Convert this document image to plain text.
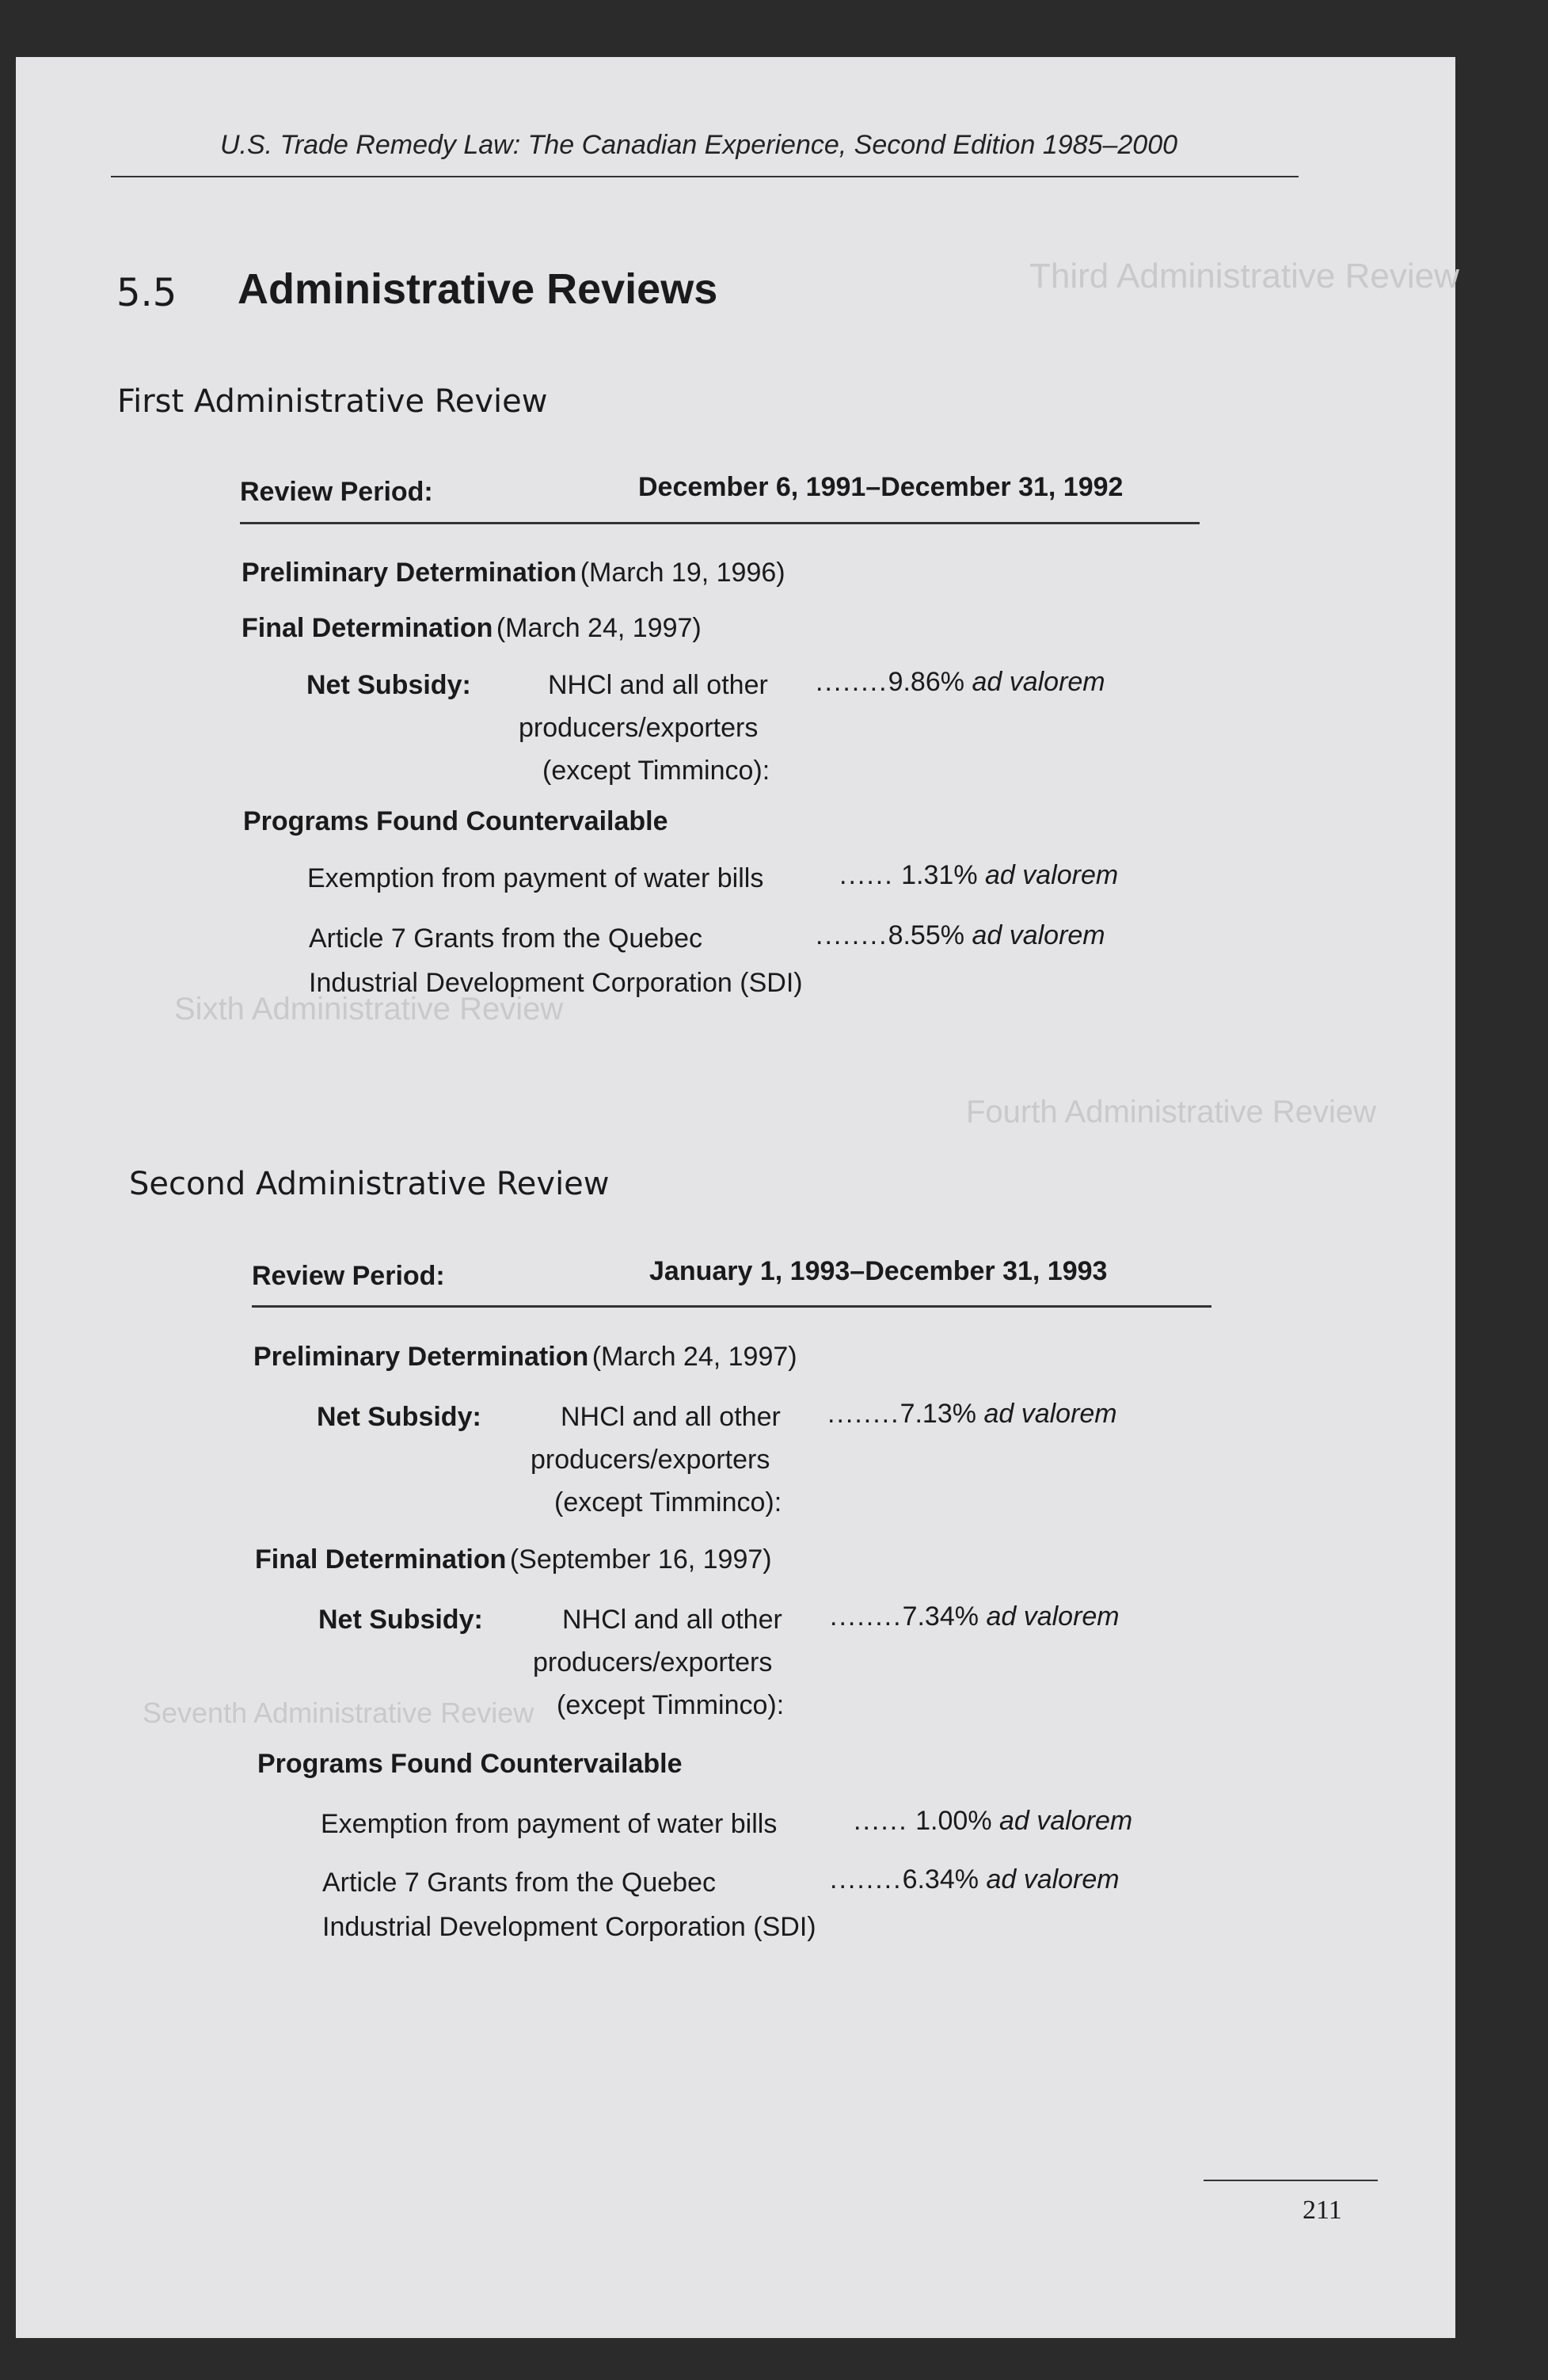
U.S. Trade Remedy Law: The Canadian Experience, Second Edition 1985–2000
Third Administrative Review
Sixth Administrative Review
Fourth Administrative Review
Seventh Administrative Review
5.5 Administrative Reviews
First Administrative Review
Review Period:	December 6, 1991–December 31, 1992
Preliminary Determination (March 19, 1996)
Final Determination (March 24, 1997)
Net Subsidy:	NHCl and all other ........9.86% ad valorem
producers/exporters
(except Timminco):
Programs Found Countervailable
Exemption from payment of water bills	...... 1.31% ad valorem
Article 7 Grants from the Quebec	........8.55% ad valorem
Industrial Development Corporation (SDI)
Second Administrative Review
Review Period:	January 1, 1993–December 31, 1993
Preliminary Determination (March 24, 1997)
Net Subsidy:	NHCl and all other ........7.13% ad valorem
producers/exporters
(except Timminco):
Final Determination (September 16, 1997)
Net Subsidy:	NHCl and all other ........7.34% ad valorem
producers/exporters
(except Timminco):
Programs Found Countervailable
Exemption from payment of water bills	...... 1.00% ad valorem
Article 7 Grants from the Quebec	........6.34% ad valorem
Industrial Development Corporation (SDI)
211
